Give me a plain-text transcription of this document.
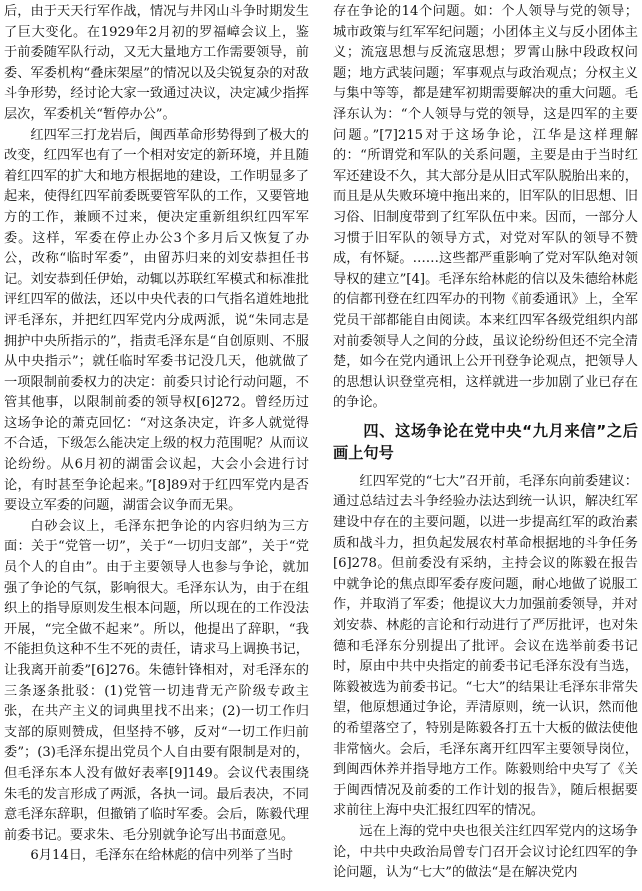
后，由于天天行军作战，情况与井冈山斗争时期发生了巨大变化。在1929年2月初的罗福嶂会议上，鉴于前委随军队行动，又无大量地方工作需要领导，前委、军委机构“叠床架屋”的情况以及尖锐复杂的对敌斗争形势，经讨论大家一致通过决议，决定减少指挥层次，军委机关“暂停办公”。

红四军三打龙岩后，闽西革命形势得到了极大的改变，红四军也有了一个相对安定的新环境，并且随着红四军的扩大和地方根据地的建设，工作明显多了起来，使得红四军前委既要管军队的工作，又要管地方的工作，兼顾不过来，便决定重新组织红四军军委。这样，军委在停止办公3个多月后又恢复了办公，改称“临时军委”，由留苏归来的刘安恭担任书记。刘安恭到任伊始，动辄以苏联红军模式和标准批评红四军的做法，还以中央代表的口气指名道姓地批评毛泽东，并把红四军党内分成两派，说“朱同志是拥护中央所指示的”，指责毛泽东是“自创原则、不服从中央指示”；就任临时军委书记没几天，他就做了一项限制前委权力的决定：前委只讨论行动问题，不管其他事，以限制前委的领导权[6]272。曾经历过这场争论的萧克回忆：“对这条决定，许多人就觉得不合适，下级怎么能决定上级的权力范围呢？从而议论纷纷。从6月初的湖雷会议起，大会小会进行讨论，有时甚至争论起来。”[8]89对于红四军党内是否要设立军委的问题，湖雷会议争而无果。

白砂会议上，毛泽东把争论的内容归纳为三方面：关于“党管一切”，关于“一切归支部”，关于“党员个人的自由”。由于主要领导人也参与争论，就加强了争论的气氛，影响很大。毛泽东认为，由于在组织上的指导原则发生根本问题，所以现在的工作没法开展，“完全做不起来”。所以，他提出了辞职，“我不能担负这种不生不死的责任，请求马上调换书记，让我离开前委”[6]276。朱德针锋相对，对毛泽东的三条逐条批驳：(1)党管一切违背无产阶级专政主张，在共产主义的词典里找不出来；(2)一切工作归支部的原则赞成，但坚持不够，反对“一切工作归前委”；(3)毛泽东提出党员个人自由要有限制是对的，但毛泽东本人没有做好表率[9]149。会议代表围绕朱毛的发言形成了两派，各执一词。最后表决，不同意毛泽东辞职，但撤销了临时军委。会后，陈毅代理前委书记。要求朱、毛分别就争论写出书面意见。

6月14日，毛泽东在给林彪的信中列举了当时

存在争论的14个问题。如：个人领导与党的领导；城市政策与红军军纪问题；小团体主义与反小团体主义；流寇思想与反流寇思想；罗霄山脉中段政权问题；地方武装问题；军事观点与政治观点；分权主义与集中等等，都是建军初期需要解决的重大问题。毛泽东认为：“个人领导与党的领导，这是四军的主要问题。”[7]215对于这场争论，江华是这样理解的：“所谓党和军队的关系问题，主要是由于当时红军还建设不久，其大部分是从旧式军队脱胎出来的，而且是从失败环境中拖出来的，旧军队的旧思想、旧习俗、旧制度带到了红军队伍中来。因而，一部分人习惯于旧军队的领导方式，对党对军队的领导不赞成，有怀疑。……这些都严重影响了党对军队绝对领导权的建立”[4]。毛泽东给林彪的信以及朱德给林彪的信都刊登在红四军办的刊物《前委通讯》上，全军党员干部都能自由阅读。本来红四军各级党组织内部对前委领导人之间的分歧，虽议论纷纷但还不完全清楚，如今在党内通讯上公开刊登争论观点，把领导人的思想认识登堂亮相，这样就进一步加剧了业已存在的争论。

四、这场争论在党中央“九月来信”之后画上句号

红四军党的“七大”召开前，毛泽东向前委建议：通过总结过去斗争经验办法达到统一认识，解决红军建设中存在的主要问题，以进一步提高红军的政治素质和战斗力，担负起发展农村革命根据地的斗争任务[6]278。但前委没有采纳，主持会议的陈毅在报告中就争论的焦点即军委存废问题，耐心地做了说服工作，并取消了军委；他提议大力加强前委领导，并对刘安恭、林彪的言论和行动进行了严厉批评，也对朱德和毛泽东分别提出了批评。会议在选举前委书记时，原由中共中央指定的前委书记毛泽东没有当选，陈毅被选为前委书记。“七大”的结果让毛泽东非常失望，他原想通过争论，弄清原则，统一认识，然而他的希望落空了，特别是陈毅各打五十大板的做法使他非常恼火。会后，毛泽东离开红四军主要领导岗位，到闽西休养并指导地方工作。陈毅则给中央写了《关于闽西情况及前委的工作计划的报告》，随后根据要求前往上海中央汇报红四军的情况。

远在上海的党中央也很关注红四军党内的这场争论，中共中央政治局曾专门召开会议讨论红四军的争论问题，认为“七大”的做法“是在解决党内
